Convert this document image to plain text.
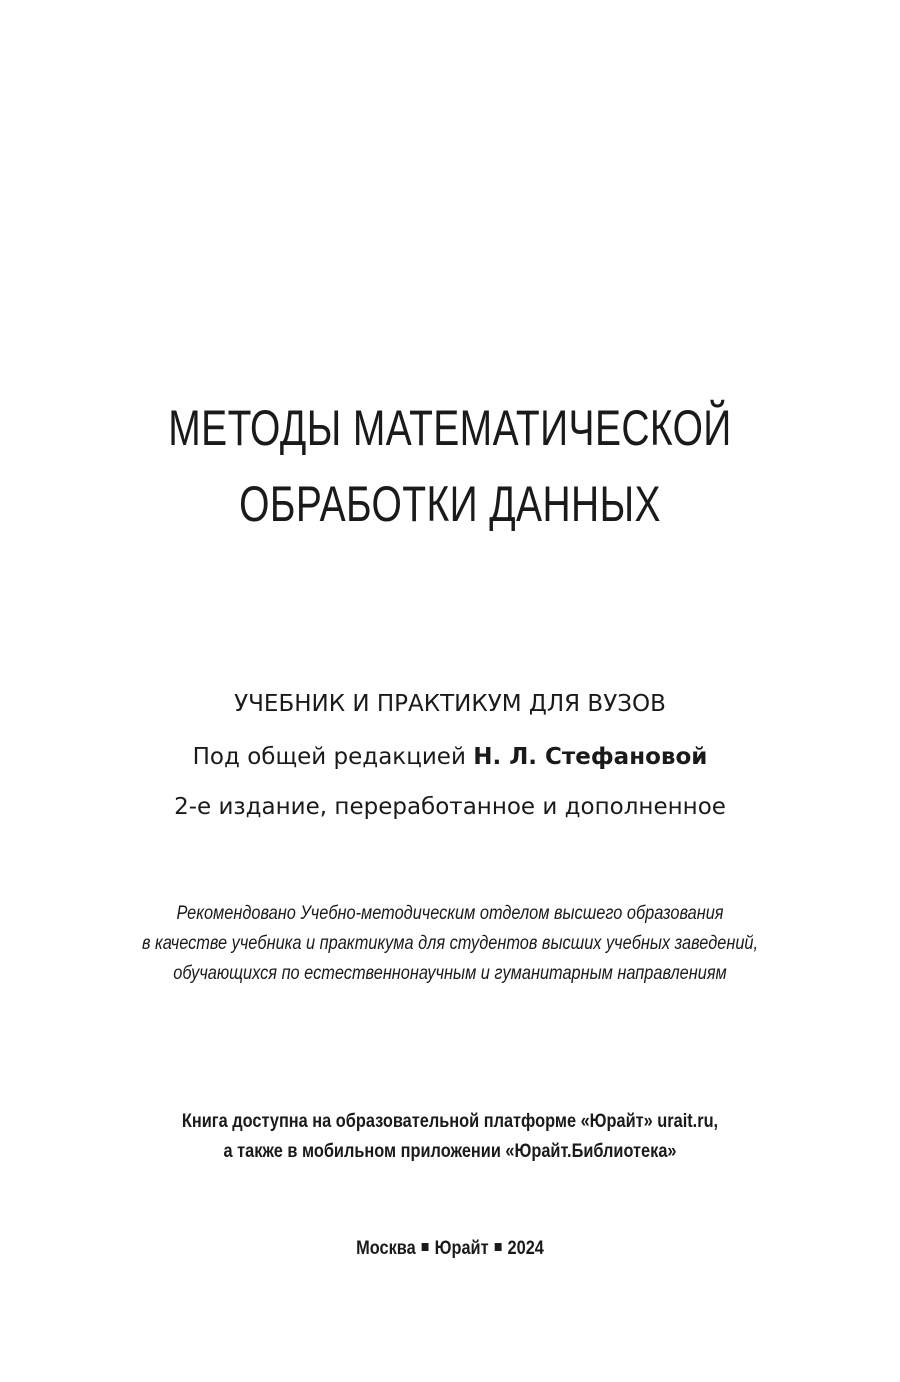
МЕТОДЫ МАТЕМАТИЧЕСКОЙ
ОБРАБОТКИ ДАННЫХ
УЧЕБНИК И ПРАКТИКУМ ДЛЯ ВУЗОВ
Под общей редакцией Н. Л. Стефановой
2-е издание, переработанное и дополненное
Рекомендовано Учебно-методическим отделом высшего образования
в качестве учебника и практикума для студентов высших учебных заведений,
обучающихся по естественнонаучным и гуманитарным направлениям
Книга доступна на образовательной платформе «Юрайт» urait.ru,
а также в мобильном приложении «Юрайт.Библиотека»
Москва Юрайт 2024
